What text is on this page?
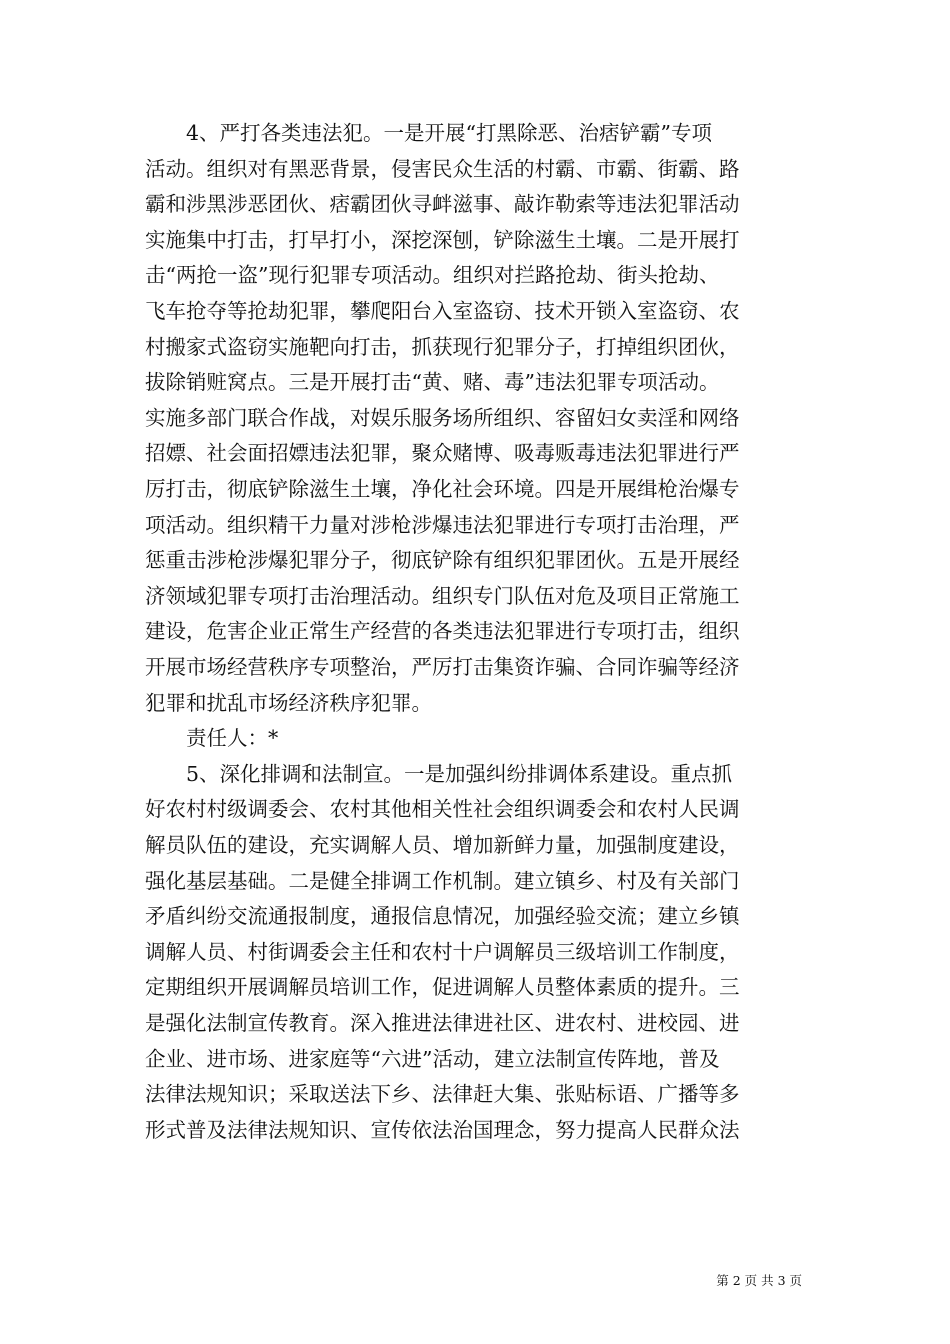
　　4、严打各类违法犯。一是开展“打黑除恶、治痞铲霸”专项
活动。组织对有黑恶背景，侵害民众生活的村霸、市霸、街霸、路
霸和涉黑涉恶团伙、痞霸团伙寻衅滋事、敲诈勒索等违法犯罪活动
实施集中打击，打早打小，深挖深刨，铲除滋生土壤。二是开展打
击“两抢一盗”现行犯罪专项活动。组织对拦路抢劫、街头抢劫、
飞车抢夺等抢劫犯罪，攀爬阳台入室盗窃、技术开锁入室盗窃、农
村搬家式盗窃实施靶向打击，抓获现行犯罪分子，打掉组织团伙，
拔除销赃窝点。三是开展打击“黄、赌、毒”违法犯罪专项活动。
实施多部门联合作战，对娱乐服务场所组织、容留妇女卖淫和网络
招嫖、社会面招嫖违法犯罪，聚众赌博、吸毒贩毒违法犯罪进行严
厉打击，彻底铲除滋生土壤，净化社会环境。四是开展缉枪治爆专
项活动。组织精干力量对涉枪涉爆违法犯罪进行专项打击治理，严
惩重击涉枪涉爆犯罪分子，彻底铲除有组织犯罪团伙。五是开展经
济领域犯罪专项打击治理活动。组织专门队伍对危及项目正常施工
建设，危害企业正常生产经营的各类违法犯罪进行专项打击，组织
开展市场经营秩序专项整治，严厉打击集资诈骗、合同诈骗等经济
犯罪和扰乱市场经济秩序犯罪。
　　责任人：*
　　5、深化排调和法制宣。一是加强纠纷排调体系建设。重点抓
好农村村级调委会、农村其他相关性社会组织调委会和农村人民调
解员队伍的建设，充实调解人员、增加新鲜力量，加强制度建设，
强化基层基础。二是健全排调工作机制。建立镇乡、村及有关部门
矛盾纠纷交流通报制度，通报信息情况，加强经验交流；建立乡镇
调解人员、村街调委会主任和农村十户调解员三级培训工作制度，
定期组织开展调解员培训工作，促进调解人员整体素质的提升。三
是强化法制宣传教育。深入推进法律进社区、进农村、进校园、进
企业、进市场、进家庭等“六进”活动，建立法制宣传阵地，普及
法律法规知识；采取送法下乡、法律赶大集、张贴标语、广播等多
形式普及法律法规知识、宣传依法治国理念，努力提高人民群众法
第 2 页 共 3 页
